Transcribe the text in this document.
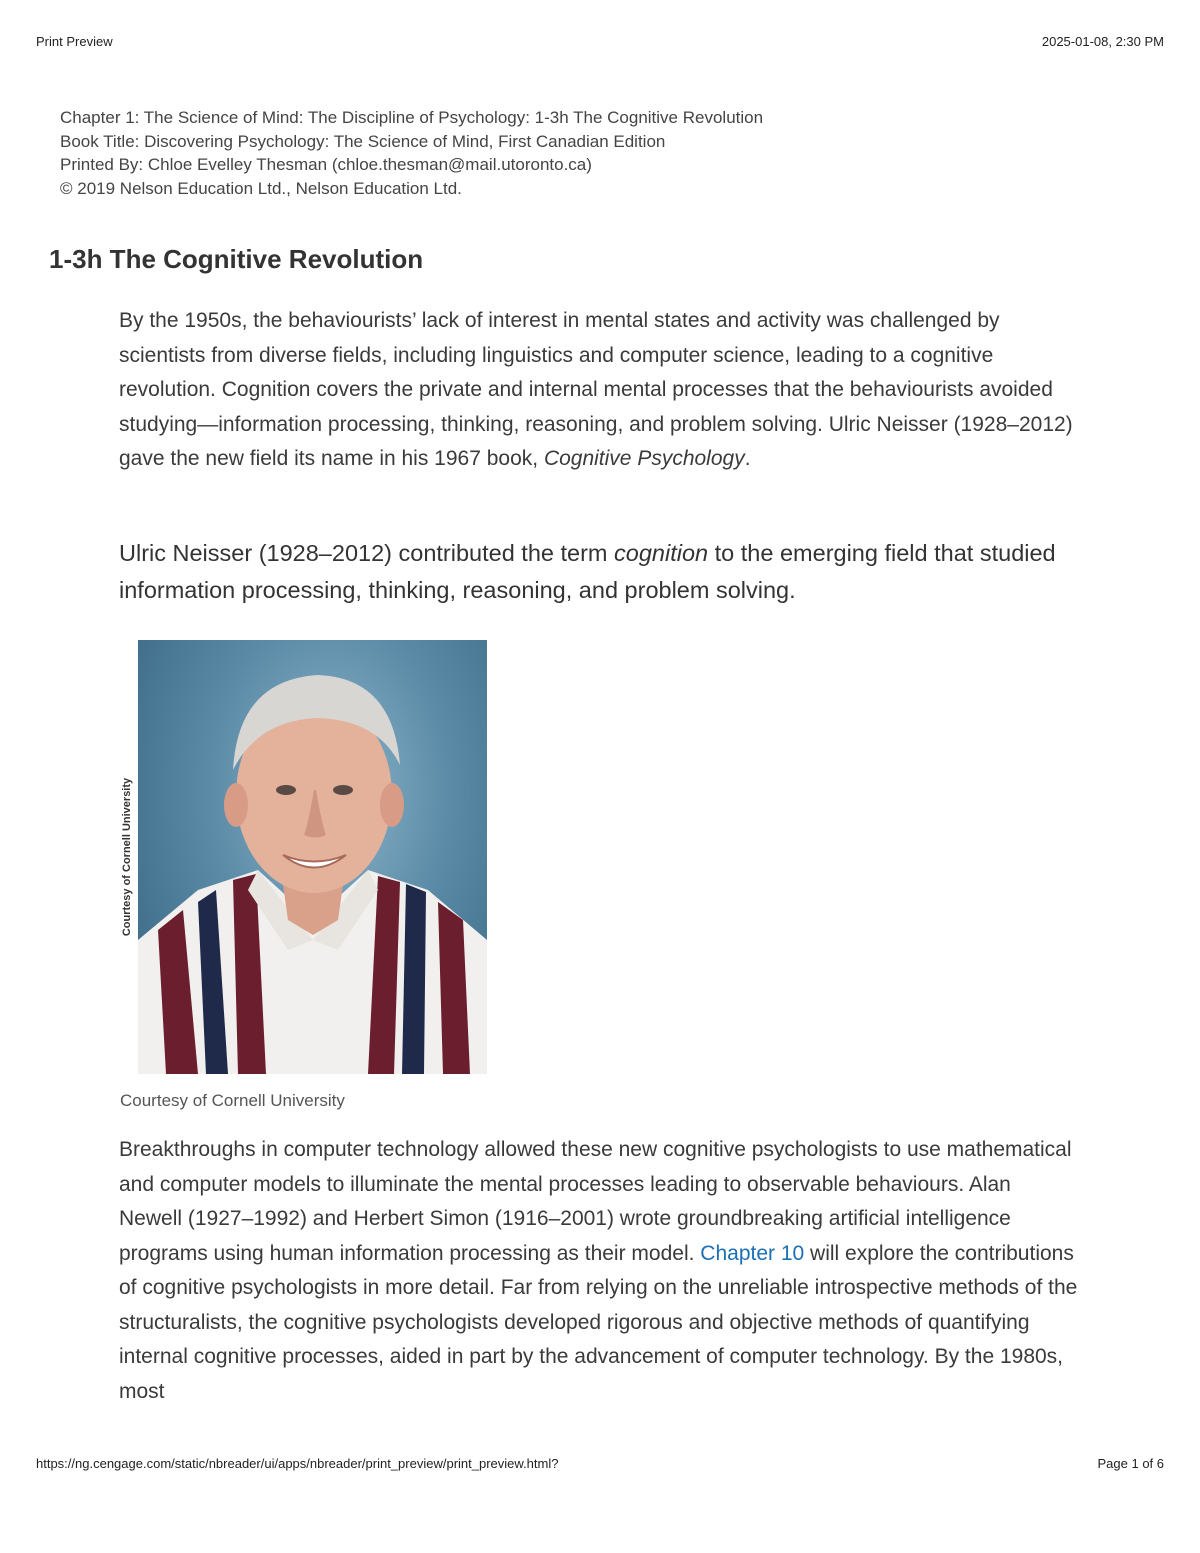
Print Preview	2025-01-08, 2:30 PM
Chapter 1: The Science of Mind: The Discipline of Psychology: 1-3h The Cognitive Revolution
Book Title: Discovering Psychology: The Science of Mind, First Canadian Edition
Printed By: Chloe Evelley Thesman (chloe.thesman@mail.utoronto.ca)
© 2019 Nelson Education Ltd., Nelson Education Ltd.
1-3h The Cognitive Revolution

By the 1950s, the behaviourists’ lack of interest in mental states and activity was challenged by scientists from diverse fields, including linguistics and computer science, leading to a cognitive revolution. Cognition covers the private and internal mental processes that the behaviourists avoided studying—information processing, thinking, reasoning, and problem solving. Ulric Neisser (1928–2012) gave the new field its name in his 1967 book, Cognitive Psychology.

Ulric Neisser (1928–2012) contributed the term cognition to the emerging field that studied information processing, thinking, reasoning, and problem solving.

Courtesy of Cornell University
Courtesy of Cornell University

Breakthroughs in computer technology allowed these new cognitive psychologists to use mathematical and computer models to illuminate the mental processes leading to observable behaviours. Alan Newell (1927–1992) and Herbert Simon (1916–2001) wrote groundbreaking artificial intelligence programs using human information processing as their model. Chapter 10 will explore the contributions of cognitive psychologists in more detail. Far from relying on the unreliable introspective methods of the structuralists, the cognitive psychologists developed rigorous and objective methods of quantifying internal cognitive processes, aided in part by the advancement of computer technology. By the 1980s, most

https://ng.cengage.com/static/nbreader/ui/apps/nbreader/print_preview/print_preview.html?	Page 1 of 6
